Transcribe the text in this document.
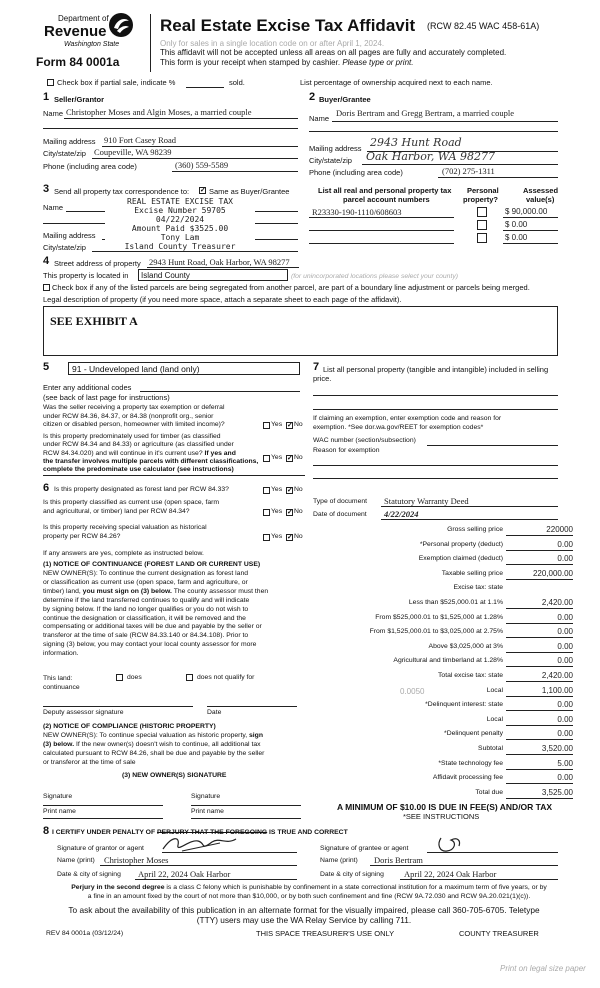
Department of
Revenue
Washington State
Form 84 0001a
Real Estate Excise Tax Affidavit (RCW 82.45 WAC 458-61A)
Only for sales in a single location code on or after April 1, 2024.
This affidavit will not be accepted unless all areas on all pages are fully and accurately completed.
This form is your receipt when stamped by cashier. Please type or print.
Check box if partial sale, indicate %	sold.	List percentage of ownership acquired next to each name.
1 Seller/Grantor
Name Christopher Moses and Algin Moses, a married couple
Mailing address 910 Fort Casey Road
City/state/zip Coupeville, WA 98239
Phone (including area code)	(360) 559-5589
2 Buyer/Grantee
Name
Doris Bertram and Gregg Bertram, a married couple
Mailing address 2943 Hunt Road
City/state/zip Oak Harbor, WA 98277
Phone (including area code)	(702) 275-1311
3 Send all property tax correspondence to: ✓ Same as Buyer/Grantee
Name
Mailing address
City/state/zip
REAL ESTATE EXCISE TAX
Excise Number 59705
04/22/2024
Amount Paid $3525.00
Tony Lam
Island County Treasurer
List all real and personal property tax
parcel account numbers
Personal
property?
Assessed
value(s)
R23330-190-1110/608603	$ 90,000.00
$ 0.00
$ 0.00
4 Street address of property 2943 Hunt Road, Oak Harbor, WA 98277
This property is located in Island County	(for unincorporated locations please select your county)
Check box if any of the listed parcels are being segregated from another parcel, are part of a boundary line adjustment or parcels being merged.
Legal description of property (if you need more space, attach a separate sheet to each page of the affidavit).
SEE EXHIBIT A
5	91 - Undeveloped land (land only)
Enter any additional codes
(see back of last page for instructions)
Was the seller receiving a property tax exemption or deferral
under RCW 84.36, 84.37, or 84.38 (nonprofit org., senior
citizen or disabled person, homeowner with limited income)?	Yes ✓ No
Is this property predominately used for timber (as classified
under RCW 84.34 and 84.33) or agriculture (as classified under
RCW 84.34.020) and will continue in it's current use? If yes and
the transfer involves multiple parcels with different classifications,
complete the predominate use calculator (see instructions)
Yes ✓ No
6 Is this property designated as forest land per RCW 84.33?	Yes ✓ No
Is this property classified as current use (open space, farm
and agricultural, or timber) land per RCW 84.34?	Yes ✓ No
Is this property receiving special valuation as historical
property per RCW 84.26?	Yes ✓ No
If any answers are yes, complete as instructed below.
(1) NOTICE OF CONTINUANCE (FOREST LAND OR CURRENT USE)
NEW OWNER(S): To continue the current designation as forest land
or classification as current use (open space, farm and agriculture, or
timber) land, you must sign on (3) below. The county assessor must then
determine if the land transferred continues to qualify and will indicate
by signing below. If the land no longer qualifies or you do not wish to
continue the designation or classification, it will be removed and the
compensating or additional taxes will be due and payable by the seller or
transferor at the time of sale (RCW 84.33.140 or 84.34.108). Prior to
signing (3) below, you may contact your local county assessor for more
information.
This land:
continuance
does	does not qualify for
Deputy assessor signature	Date
(2) NOTICE OF COMPLIANCE (HISTORIC PROPERTY)
NEW OWNER(S): To continue special valuation as historic property, sign
(3) below. If the new owner(s) doesn't wish to continue, all additional tax
calculated pursuant to RCW 84.26, shall be due and payable by the seller
or transferor at the time of sale
(3) NEW OWNER(S) SIGNATURE
Signature	Signature
Print name	Print name
7 List all personal property (tangible and intangible) included in selling
price.
If claiming an exemption, enter exemption code and reason for
exemption. *See dor.wa.gov/REET for exemption codes*
WAC number (section/subsection)
Reason for exemption
Type of document Statutory Warranty Deed
Date of document 4/22/2024
Gross selling price	220000
*Personal property (deduct)	0.00
Exemption claimed (deduct)	0.00
Taxable selling price	220,000.00
Excise tax: state
Less than $525,000.01 at 1.1%	2,420.00
From $525,000.01 to $1,525,000 at 1.28%	0.00
From $1,525,000.01 to $3,025,000 at 2.75%	0.00
Above $3,025,000 at 3%	0.00
Agricultural and timberland at 1.28%	0.00
Total excise tax: state	2,420.00
Local
0.0050	1,100.00
*Delinquent interest: state	0.00
Local	0.00
*Delinquent penalty	0.00
Subtotal	3,520.00
*State technology fee	5.00
Affidavit processing fee	0.00
Total due	3,525.00
A MINIMUM OF $10.00 IS DUE IN FEE(S) AND/OR TAX
*SEE INSTRUCTIONS
8 I CERTIFY UNDER PENALTY OF PERJURY THAT THE FOREGOING IS TRUE AND CORRECT
Signature of grantor or agent
Name (print) Christopher Moses
Date & city of signing April 22, 2024 Oak Harbor
Signature of grantee or agent
Name (print) Doris Bertram
Date & city of signing April 22, 2024 Oak Harbor
Perjury in the second degree is a class C felony which is punishable by confinement in a state correctional institution for a maximum term of five years, or by
a fine in an amount fixed by the court of not more than $10,000, or by both such confinement and fine (RCW 9A.72.030 and RCW 9A.20.021(1)(c)).
To ask about the availability of this publication in an alternate format for the visually impaired, please call 360-705-6705. Teletype
(TTY) users may use the WA Relay Service by calling 711.
REV 84 0001a (03/12/24)	THIS SPACE TREASURER'S USE ONLY	COUNTY TREASURER
Print on legal size paper
